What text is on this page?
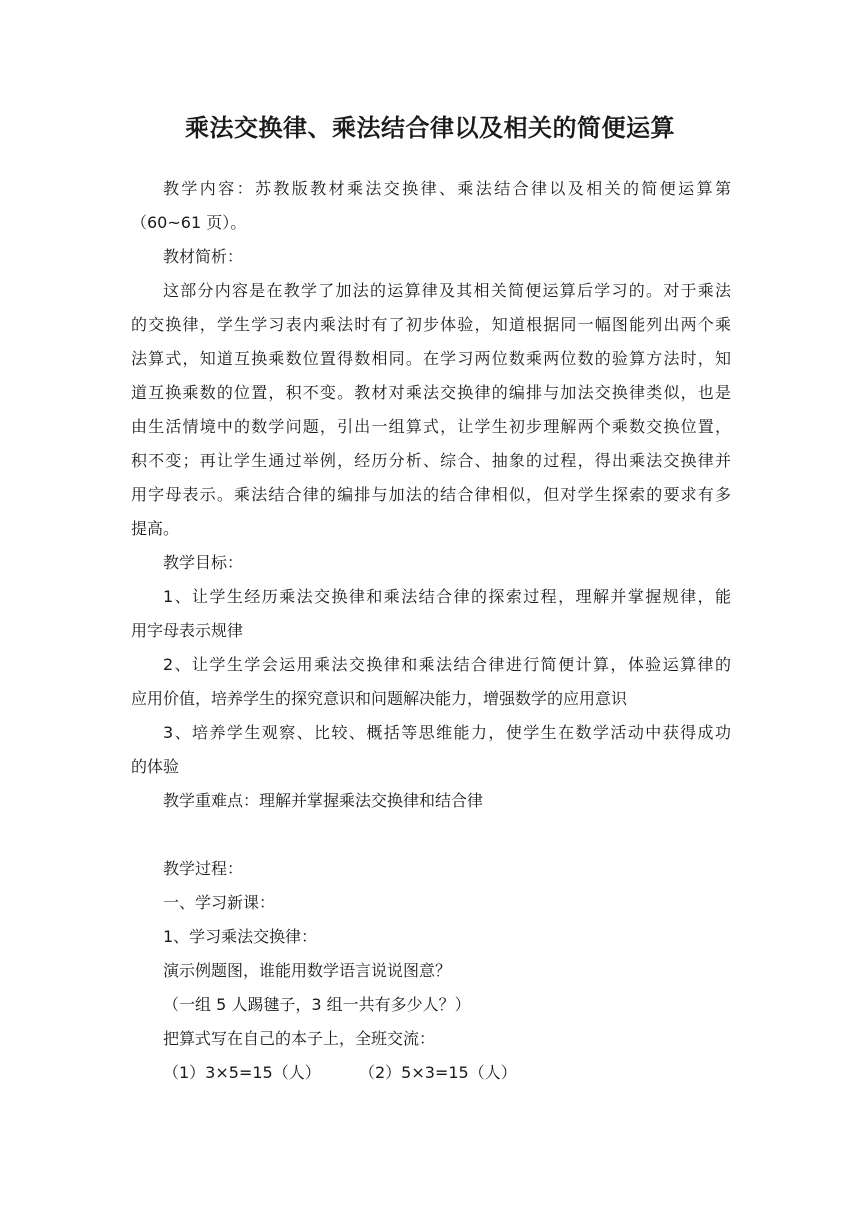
乘法交换律、乘法结合律以及相关的简便运算
教学内容：苏教版教材乘法交换律、乘法结合律以及相关的简便运算第
（60~61 页）。
教材简析：
这部分内容是在教学了加法的运算律及其相关简便运算后学习的。对于乘法
的交换律，学生学习表内乘法时有了初步体验，知道根据同一幅图能列出两个乘
法算式，知道互换乘数位置得数相同。在学习两位数乘两位数的验算方法时，知
道互换乘数的位置，积不变。教材对乘法交换律的编排与加法交换律类似，也是
由生活情境中的数学问题，引出一组算式，让学生初步理解两个乘数交换位置，
积不变；再让学生通过举例，经历分析、综合、抽象的过程，得出乘法交换律并
用字母表示。乘法结合律的编排与加法的结合律相似，但对学生探索的要求有多
提高。
教学目标：
1、让学生经历乘法交换律和乘法结合律的探索过程，理解并掌握规律，能
用字母表示规律
2、让学生学会运用乘法交换律和乘法结合律进行简便计算，体验运算律的
应用价值，培养学生的探究意识和问题解决能力，增强数学的应用意识
3、培养学生观察、比较、概括等思维能力，使学生在数学活动中获得成功
的体验
教学重难点：理解并掌握乘法交换律和结合律
教学过程：
一、学习新课：
1、学习乘法交换律：
演示例题图，谁能用数学语言说说图意？
（一组 5 人踢毽子，3 组一共有多少人？）
把算式写在自己的本子上，全班交流：
（1）3×5=15（人） （2）5×3=15（人）
